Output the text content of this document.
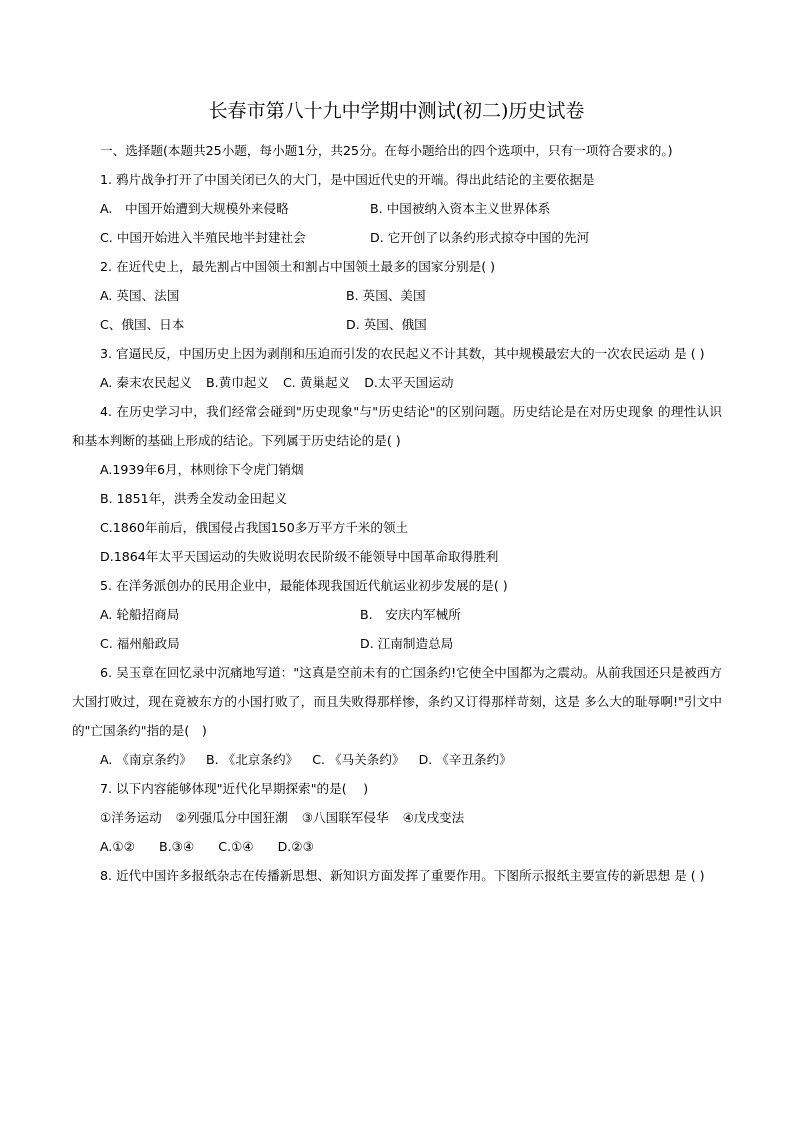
长春市第八十九中学期中测试(初二)历史试卷

一、选择题(本题共25小题，每小题1分，共25分。在每小题给出的四个选项中，只有一项符合要求的。)

1. 鸦片战争打开了中国关闭已久的大门，是中国近代史的开端。得出此结论的主要依据是

A.　中国开始遭到大规模外来侵略	B. 中国被纳入资本主义世界体系
C. 中国开始进入半殖民地半封建社会	D. 它开创了以条约形式掠夺中国的先河

2. 在近代史上，最先割占中国领土和割占中国领土最多的国家分别是( )

A. 英国、法国	B. 英国、美国
C、俄国、日本	D. 英国、俄国

3. 官逼民反，中国历史上因为剥削和压迫而引发的农民起义不计其数，其中规模最宏大的一次农民运动 是 ( )

A. 秦末农民起义 B.黄巾起义 C. 黄巢起义 D.太平天国运动

4. 在历史学习中，我们经常会碰到"历史现象"与"历史结论"的区别问题。历史结论是在对历史现象 的理性认识和基本判断的基础上形成的结论。下列属于历史结论的是( )

A.1939年6月，林则徐下令虎门销烟
B. 1851年，洪秀全发动金田起义
C.1860年前后，俄国侵占我国150多万平方千米的领土
D.1864年太平天国运动的失败说明农民阶级不能领导中国革命取得胜利

5. 在洋务派创办的民用企业中，最能体现我国近代航运业初步发展的是( )

A. 轮船招商局	B.　安庆内军械所
C. 福州船政局	D. 江南制造总局

6. 吴玉章在回忆录中沉痛地写道："这真是空前未有的亡国条约!它使全中国都为之震动。从前我国还只是被西方大国打败过，现在竟被东方的小国打败了，而且失败得那样惨，条约又订得那样苛刻，这是 多么大的耻辱啊!"引文中的"亡国条约"指的是(　)

A. 《南京条约》 B. 《北京条约》 C. 《马关条约》 D. 《辛丑条约》

7. 以下内容能够体现"近代化早期探索"的是(　 )

①洋务运动 ②列强瓜分中国狂潮 ③八国联军侵华 ④戊戌变法
A.①② B.③④ C.①④ D.②③

8. 近代中国许多报纸杂志在传播新思想、新知识方面发挥了重要作用。下图所示报纸主要宣传的新思想 是 ( )
